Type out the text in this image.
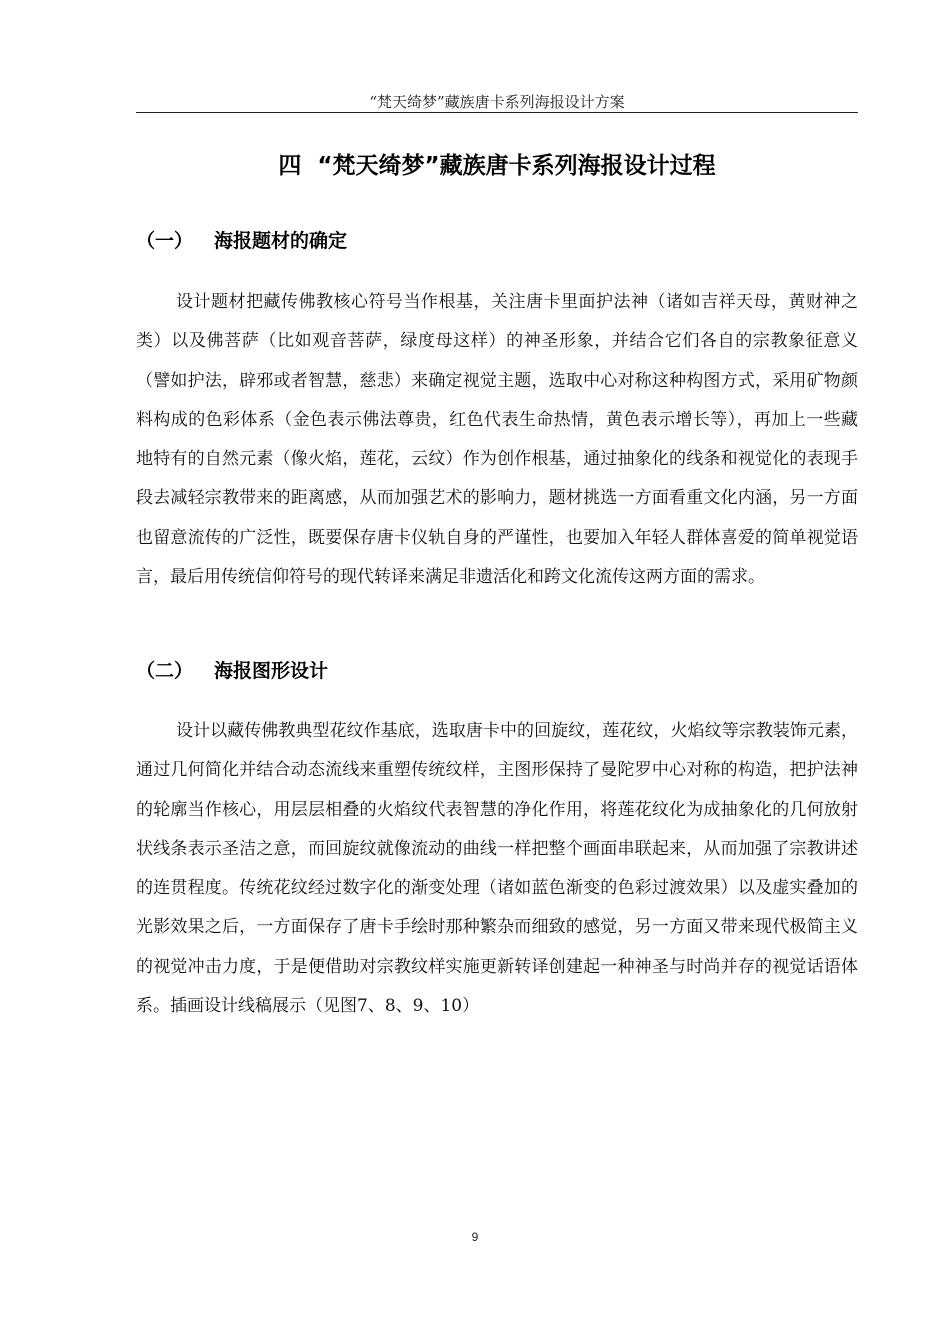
“梵天绮梦”藏族唐卡系列海报设计方案
四 “梵天绮梦”藏族唐卡系列海报设计过程
（一） 海报题材的确定

设计题材把藏传佛教核心符号当作根基，关注唐卡里面护法神（诸如吉祥天母，黄财神之类）以及佛菩萨（比如观音菩萨，绿度母这样）的神圣形象，并结合它们各自的宗教象征意义（譬如护法，辟邪或者智慧，慈悲）来确定视觉主题，选取中心对称这种构图方式，采用矿物颜料构成的色彩体系（金色表示佛法尊贵，红色代表生命热情，黄色表示增长等），再加上一些藏地特有的自然元素（像火焰，莲花，云纹）作为创作根基，通过抽象化的线条和视觉化的表现手段去减轻宗教带来的距离感，从而加强艺术的影响力，题材挑选一方面看重文化内涵，另一方面也留意流传的广泛性，既要保存唐卡仪轨自身的严谨性，也要加入年轻人群体喜爱的简单视觉语言，最后用传统信仰符号的现代转译来满足非遗活化和跨文化流传这两方面的需求。

（二） 海报图形设计

设计以藏传佛教典型花纹作基底，选取唐卡中的回旋纹，莲花纹，火焰纹等宗教装饰元素，通过几何简化并结合动态流线来重塑传统纹样，主图形保持了曼陀罗中心对称的构造，把护法神的轮廓当作核心，用层层相叠的火焰纹代表智慧的净化作用，将莲花纹化为成抽象化的几何放射状线条表示圣洁之意，而回旋纹就像流动的曲线一样把整个画面串联起来，从而加强了宗教讲述的连贯程度。传统花纹经过数字化的渐变处理（诸如蓝色渐变的色彩过渡效果）以及虚实叠加的光影效果之后，一方面保存了唐卡手绘时那种繁杂而细致的感觉，另一方面又带来现代极简主义的视觉冲击力度，于是便借助对宗教纹样实施更新转译创建起一种神圣与时尚并存的视觉话语体系。插画设计线稿展示（见图7、8、9、10）

9
